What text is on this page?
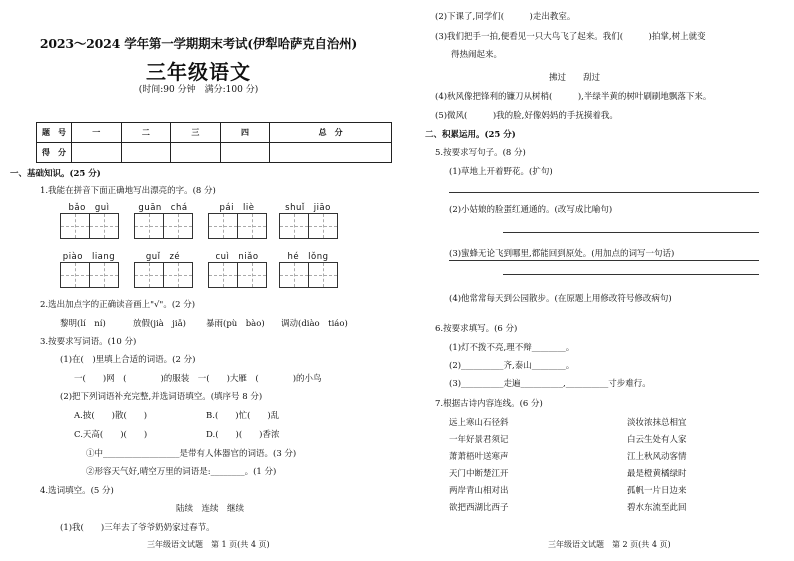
2023～2024 学年第一学期期末考试(伊犁哈萨克自治州)
三年级语文
(时间:90 分钟　满分:100 分)
题　号	一	二	三	四	总　分
得　分					
一、基础知识。(25 分)
1.我能在拼音下面正确地写出漂亮的字。(8 分)
bǎo　guì	guān　chá	pái　liè	shuǐ　jiāo
piào　liang	guǐ　zé	cuì　niǎo	hé　lǒng
2.选出加点字的正确读音画上"√"。(2 分)
黎明(lí　ní)	放假(jià　jiǎ) 暴雨(pù　bào) 调动(diào　tiáo)
3.按要求写词语。(10 分)
(1)在(　)里填上合适的词语。(2 分)
一(　　)网　(　　　　)的服装　一(　　)大雁　(　　　　)的小鸟
(2)把下列词语补充完整,并选词语填空。(填序号 8 分)
A.披(　　)散(　　)	B.(　　)忙(　　)乱
C.天高(　　)(　　)	D.(　　)(　　)香浓
①中__________________是带有人体器官的词语。(3 分)
②形容天气好,晴空万里的词语是:________。(1 分)
4.选词填空。(5 分)
陆续　连续　继续
(1)我(　　)三年去了爷爷奶奶家过春节。
三年级语文试题　第 1 页(共 4 页)
(2)下课了,同学们(　　　)走出教室。
(3)我们把手一拍,便看见一只大鸟飞了起来。我们(　　　)拍掌,树上就变
得热闹起来。
拂过　　刮过
(4)秋风像把锋利的镰刀从树梢(　　　),半绿半黄的树叶刷刷地飘落下来。
(5)微风(　　　)我的脸,好像妈妈的手抚摸着我。
二、积累运用。(25 分)
5.按要求写句子。(8 分)
(1)草地上开着野花。(扩句)
(2)小姑娘的脸蛋红通通的。(改写成比喻句)
(3)蜜蜂无论飞到哪里,都能回到原处。(用加点的词写一句话)
(4)他常常每天到公园散步。(在原题上用修改符号修改病句)
6.按要求填写。(6 分)
(1)灯不拨不亮,理不辩________。
(2)__________齐,泰山________。
(3)__________走遍__________,__________寸步难行。
7.根据古诗内容连线。(6 分)
远上寒山石径斜
一年好景君须记
萧萧梧叶送寒声
天门中断楚江开
两岸青山相对出
欲把西湖比西子
淡妆浓抹总相宜
白云生处有人家
江上秋风动客情
最是橙黄橘绿时
孤帆一片日边来
碧水东流至此回
三年级语文试题　第 2 页(共 4 页)
